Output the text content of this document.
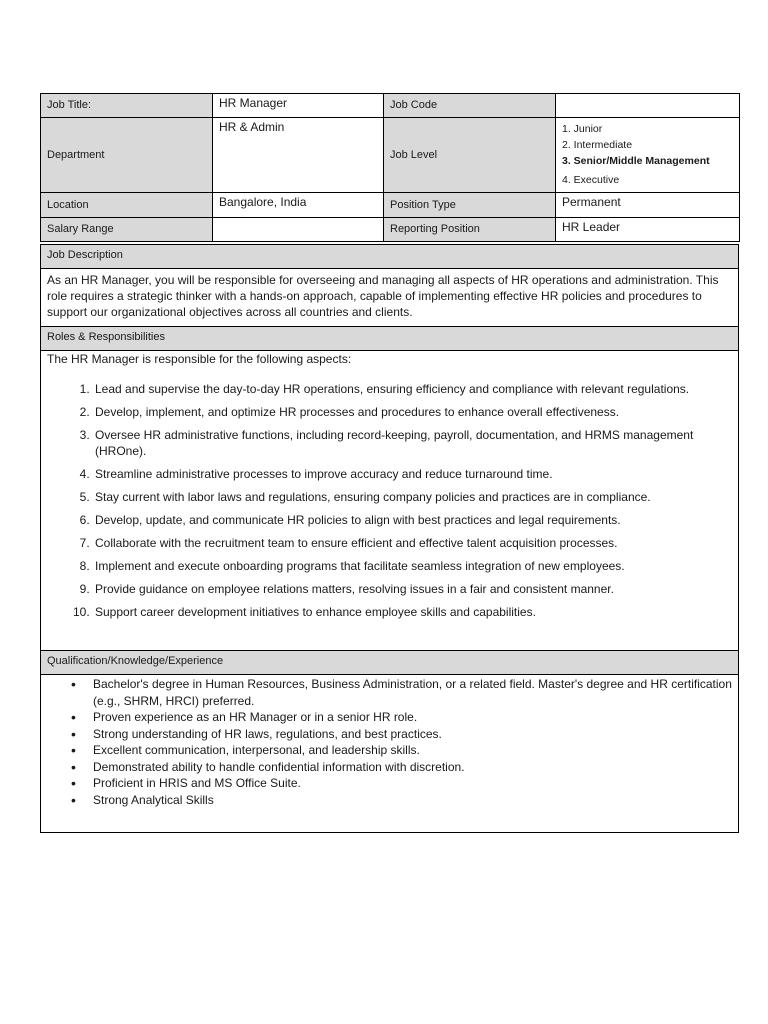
Job Title:	HR Manager	Job Code	
Department	HR & Admin	Job Level	1. Junior
2. Intermediate
3. Senior/Middle Management
4. Executive

Location	Bangalore, India	Position Type	Permanent
Salary Range		Reporting Position	HR Leader
Job Description
As an HR Manager, you will be responsible for overseeing and managing all aspects of HR operations and administration. This role requires a strategic thinker with a hands-on approach, capable of implementing effective HR policies and procedures to support our organizational objectives across all countries and clients.
Roles & Responsibilities

The HR Manager is responsible for the following aspects:
1. Lead and supervise the day-to-day HR operations, ensuring efficiency and compliance with relevant regulations.
2. Develop, implement, and optimize HR processes and procedures to enhance overall effectiveness.
3. Oversee HR administrative functions, including record-keeping, payroll, documentation, and HRMS management (HROne).
4. Streamline administrative processes to improve accuracy and reduce turnaround time.
5. Stay current with labor laws and regulations, ensuring company policies and practices are in compliance.
6. Develop, update, and communicate HR policies to align with best practices and legal requirements.
7. Collaborate with the recruitment team to ensure efficient and effective talent acquisition processes.
8. Implement and execute onboarding programs that facilitate seamless integration of new employees.
9. Provide guidance on employee relations matters, resolving issues in a fair and consistent manner.
10. Support career development initiatives to enhance employee skills and capabilities.

Qualification/Knowledge/Experience

• Bachelor's degree in Human Resources, Business Administration, or a related field. Master's degree and HR certification (e.g., SHRM, HRCI) preferred.
• Proven experience as an HR Manager or in a senior HR role.
• Strong understanding of HR laws, regulations, and best practices.
• Excellent communication, interpersonal, and leadership skills.
• Demonstrated ability to handle confidential information with discretion.
• Proficient in HRIS and MS Office Suite.
• Strong Analytical Skills
